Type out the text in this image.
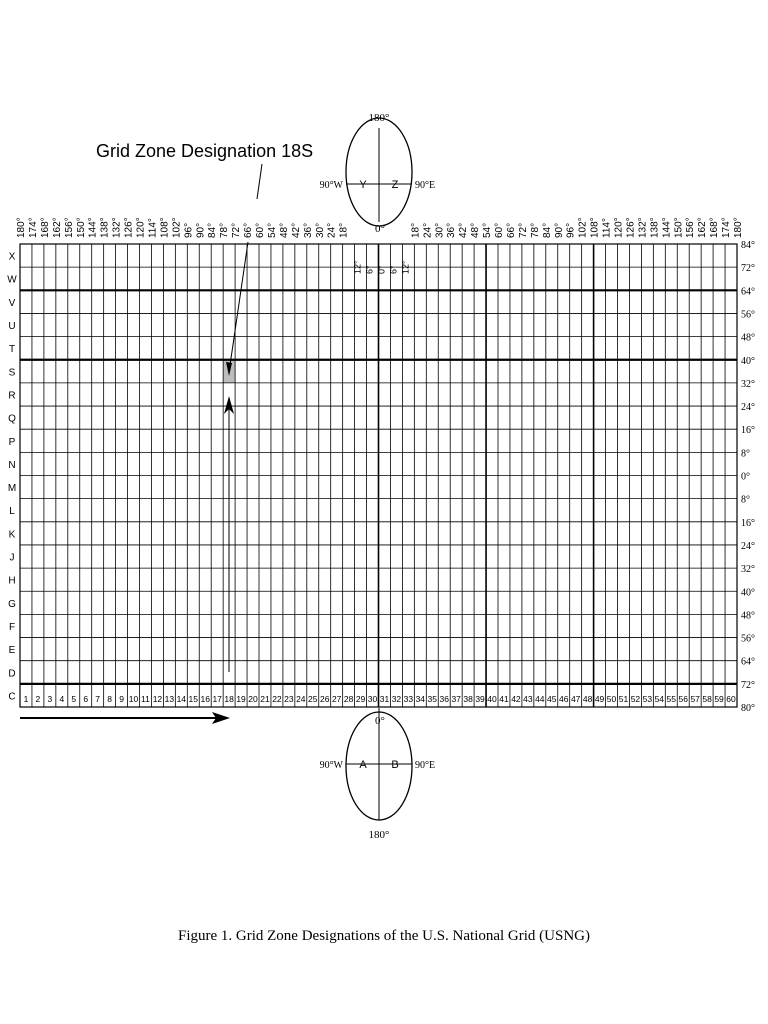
Grid Zone Designation 18S
180°
0°
90°W	90°E
Y Z
0°
180°
90°W	90°E
A B
1 2 3 4 5 6 7 8 9 10 11 12 13 14 15 16 17 18 19 20 21 22 23 24 25 26 27 28 29 30 31 32 33 34 35 36 37 38 39 40 41 42 43 44 45 46 47 48 49 50 51 52 53 54 55 56 57 58 59 60
X
W
V
U
T
S
R
Q
P
N
M
L
K
J
H
G
F
E
D
C
84°
72°
64°
56°
48°
40°
32°
24°
16°
8°
0°
8°
16°
24°
32°
40°
48°
56°
64°
72°
80°
180° 174° 168° 162° 156° 150° 144° 138° 132° 126° 120° 114° 108° 102° 96° 90° 84° 78° 72° 66° 60° 54° 48° 42° 36° 30° 24° 18°	18° 24° 30° 36° 42° 48° 54° 60° 66° 72° 78° 84° 90° 96° 102° 108° 114° 120° 126° 132° 138° 144° 150° 156° 162° 168° 174° 180°
12° 6° 0° 6° 12°
Figure 1. Grid Zone Designations of the U.S. National Grid (USNG)
